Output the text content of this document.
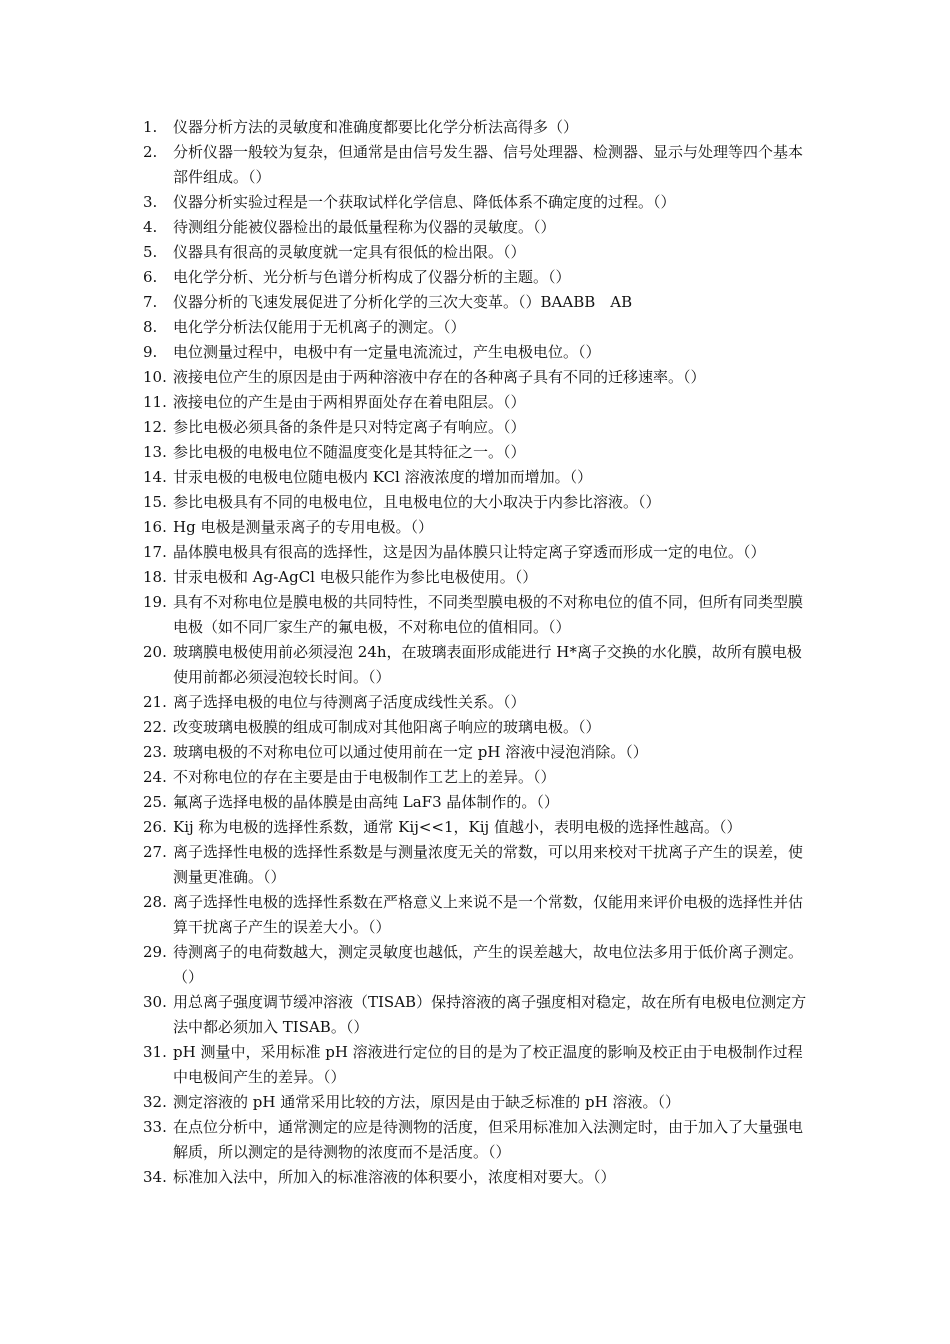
1. 仪器分析方法的灵敏度和准确度都要比化学分析法高得多（）
2. 分析仪器一般较为复杂，但通常是由信号发生器、信号处理器、检测器、显示与处理等四个基本部件组成。（）
3. 仪器分析实验过程是一个获取试样化学信息、降低体系不确定度的过程。（）
4. 待测组分能被仪器检出的最低量程称为仪器的灵敏度。（）
5. 仪器具有很高的灵敏度就一定具有很低的检出限。（）
6. 电化学分析、光分析与色谱分析构成了仪器分析的主题。（）
7. 仪器分析的飞速发展促进了分析化学的三次大变革。（）BAABB　AB
8. 电化学分析法仅能用于无机离子的测定。（）
9. 电位测量过程中，电极中有一定量电流流过，产生电极电位。（）
10. 液接电位产生的原因是由于两种溶液中存在的各种离子具有不同的迁移速率。（）
11. 液接电位的产生是由于两相界面处存在着电阻层。（）
12. 参比电极必须具备的条件是只对特定离子有响应。（）
13. 参比电极的电极电位不随温度变化是其特征之一。（）
14. 甘汞电极的电极电位随电极内 KCl 溶液浓度的增加而增加。（）
15. 参比电极具有不同的电极电位，且电极电位的大小取决于内参比溶液。（）
16. Hg 电极是测量汞离子的专用电极。（）
17. 晶体膜电极具有很高的选择性，这是因为晶体膜只让特定离子穿透而形成一定的电位。（）
18. 甘汞电极和 Ag-AgCl 电极只能作为参比电极使用。（）
19. 具有不对称电位是膜电极的共同特性，不同类型膜电极的不对称电位的值不同，但所有同类型膜电极（如不同厂家生产的氟电极，不对称电位的值相同。（）
20. 玻璃膜电极使用前必须浸泡 24h，在玻璃表面形成能进行 H*离子交换的水化膜，故所有膜电极使用前都必须浸泡较长时间。（）
21. 离子选择电极的电位与待测离子活度成线性关系。（）
22. 改变玻璃电极膜的组成可制成对其他阳离子响应的玻璃电极。（）
23. 玻璃电极的不对称电位可以通过使用前在一定 pH 溶液中浸泡消除。（）
24. 不对称电位的存在主要是由于电极制作工艺上的差异。（）
25. 氟离子选择电极的晶体膜是由高纯 LaF3 晶体制作的。（）
26. Kij 称为电极的选择性系数，通常 Kij<<1，Kij 值越小，表明电极的选择性越高。（）
27. 离子选择性电极的选择性系数是与测量浓度无关的常数，可以用来校对干扰离子产生的误差，使测量更准确。（）
28. 离子选择性电极的选择性系数在严格意义上来说不是一个常数，仅能用来评价电极的选择性并估算干扰离子产生的误差大小。（）
29. 待测离子的电荷数越大，测定灵敏度也越低，产生的误差越大，故电位法多用于低价离子测定。（）
30. 用总离子强度调节缓冲溶液（TISAB）保持溶液的离子强度相对稳定，故在所有电极电位测定方法中都必须加入 TISAB。（）
31. pH 测量中，采用标准 pH 溶液进行定位的目的是为了校正温度的影响及校正由于电极制作过程中电极间产生的差异。（）
32. 测定溶液的 pH 通常采用比较的方法，原因是由于缺乏标准的 pH 溶液。（）
33. 在点位分析中，通常测定的应是待测物的活度，但采用标准加入法测定时，由于加入了大量强电解质，所以测定的是待测物的浓度而不是活度。（）
34. 标准加入法中，所加入的标准溶液的体积要小，浓度相对要大。（）
